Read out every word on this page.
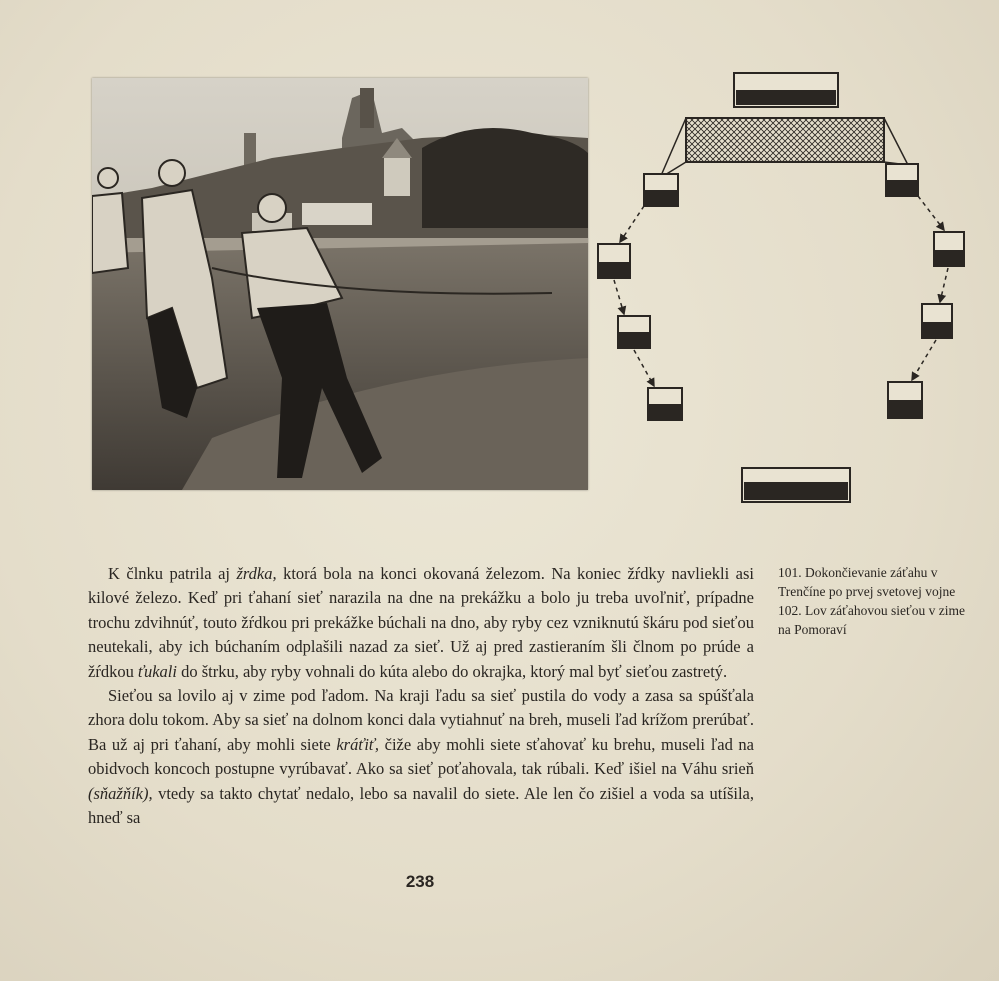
K člnku patrila aj žrdka, ktorá bola na konci okovaná železom. Na koniec žŕdky navliekli asi kilové železo. Keď pri ťahaní sieť narazila na dne na prekážku a bolo ju treba uvoľniť, prípadne trochu zdvihnúť, touto žŕdkou pri prekážke búchali na dno, aby ryby cez vzniknutú škáru pod sieťou neutekali, aby ich búchaním odplašili nazad za sieť. Už aj pred zastieraním šli člnom po prúde a žŕdkou ťukali do štrku, aby ryby vohnali do kúta alebo do okrajka, ktorý mal byť sieťou zastretý.

Sieťou sa lovilo aj v zime pod ľadom. Na kraji ľadu sa sieť pustila do vody a zasa sa spúšťala zhora dolu tokom. Aby sa sieť na dolnom konci dala vytiahnuť na breh, museli ľad krížom prerúbať. Ba už aj pri ťahaní, aby mohli siete kráťiť, čiže aby mohli siete sťahovať ku brehu, museli ľad na obidvoch koncoch postupne vyrúbavať. Ako sa sieť poťahovala, tak rúbali. Keď išiel na Váhu srieň (sňažňík), vtedy sa takto chytať nedalo, lebo sa navalil do siete. Ale len čo zišiel a voda sa utíšila, hneď sa

101. Dokončievanie záťahu v Trenčíne po prvej svetovej vojne
102. Lov záťahovou sieťou v zime na Pomoraví
238
